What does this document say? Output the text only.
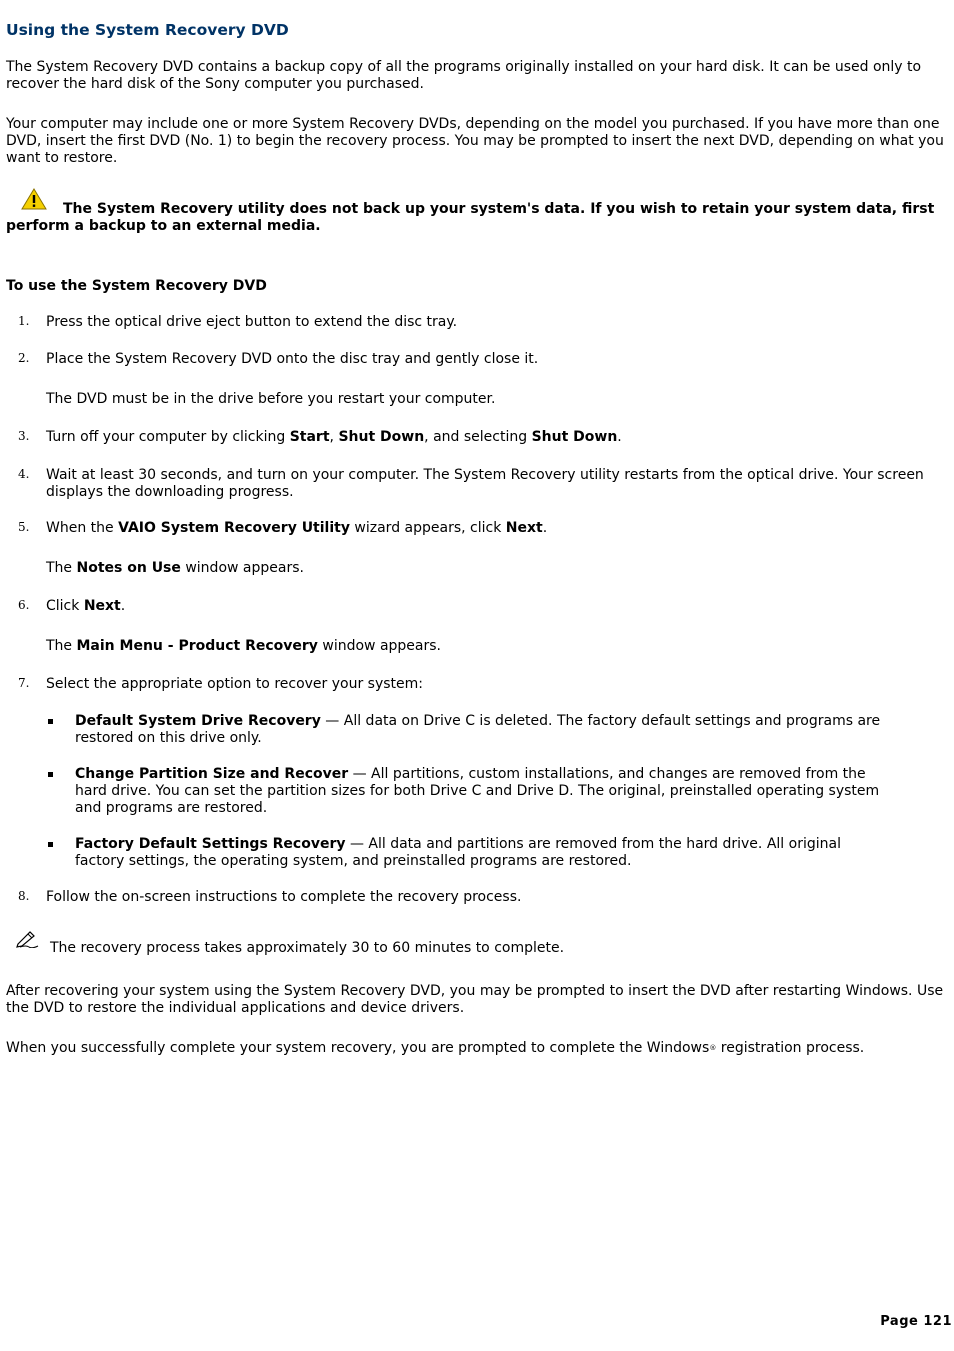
Using the System Recovery DVD

The System Recovery DVD contains a backup copy of all the programs originally installed on your hard disk. It can be used only to recover the hard disk of the Sony computer you purchased.

Your computer may include one or more System Recovery DVDs, depending on the model you purchased. If you have more than one DVD, insert the first DVD (No. 1) to begin the recovery process. You may be prompted to insert the next DVD, depending on what you want to restore.

The System Recovery utility does not back up your system's data. If you wish to retain your system data, first perform a backup to an external media.

To use the System Recovery DVD

1. Press the optical drive eject button to extend the disc tray.
2. Place the System Recovery DVD onto the disc tray and gently close it.

The DVD must be in the drive before you restart your computer.

3. Turn off your computer by clicking Start, Shut Down, and selecting Shut Down.
4. Wait at least 30 seconds, and turn on your computer. The System Recovery utility restarts from the optical drive. Your screen displays the downloading progress.
5. When the VAIO System Recovery Utility wizard appears, click Next.

The Notes on Use window appears.

6. Click Next.

The Main Menu - Product Recovery window appears.

7. Select the appropriate option to recover your system:
Default System Drive Recovery — All data on Drive C is deleted. The factory default settings and programs are restored on this drive only.
Change Partition Size and Recover — All partitions, custom installations, and changes are removed from the hard drive. You can set the partition sizes for both Drive C and Drive D. The original, preinstalled operating system and programs are restored.
Factory Default Settings Recovery — All data and partitions are removed from the hard drive. All original factory settings, the operating system, and preinstalled programs are restored.
8. Follow the on-screen instructions to complete the recovery process.

The recovery process takes approximately 30 to 60 minutes to complete.

After recovering your system using the System Recovery DVD, you may be prompted to insert the DVD after restarting Windows. Use the DVD to restore the individual applications and device drivers.

When you successfully complete your system recovery, you are prompted to complete the Windows® registration process.

Page 121
